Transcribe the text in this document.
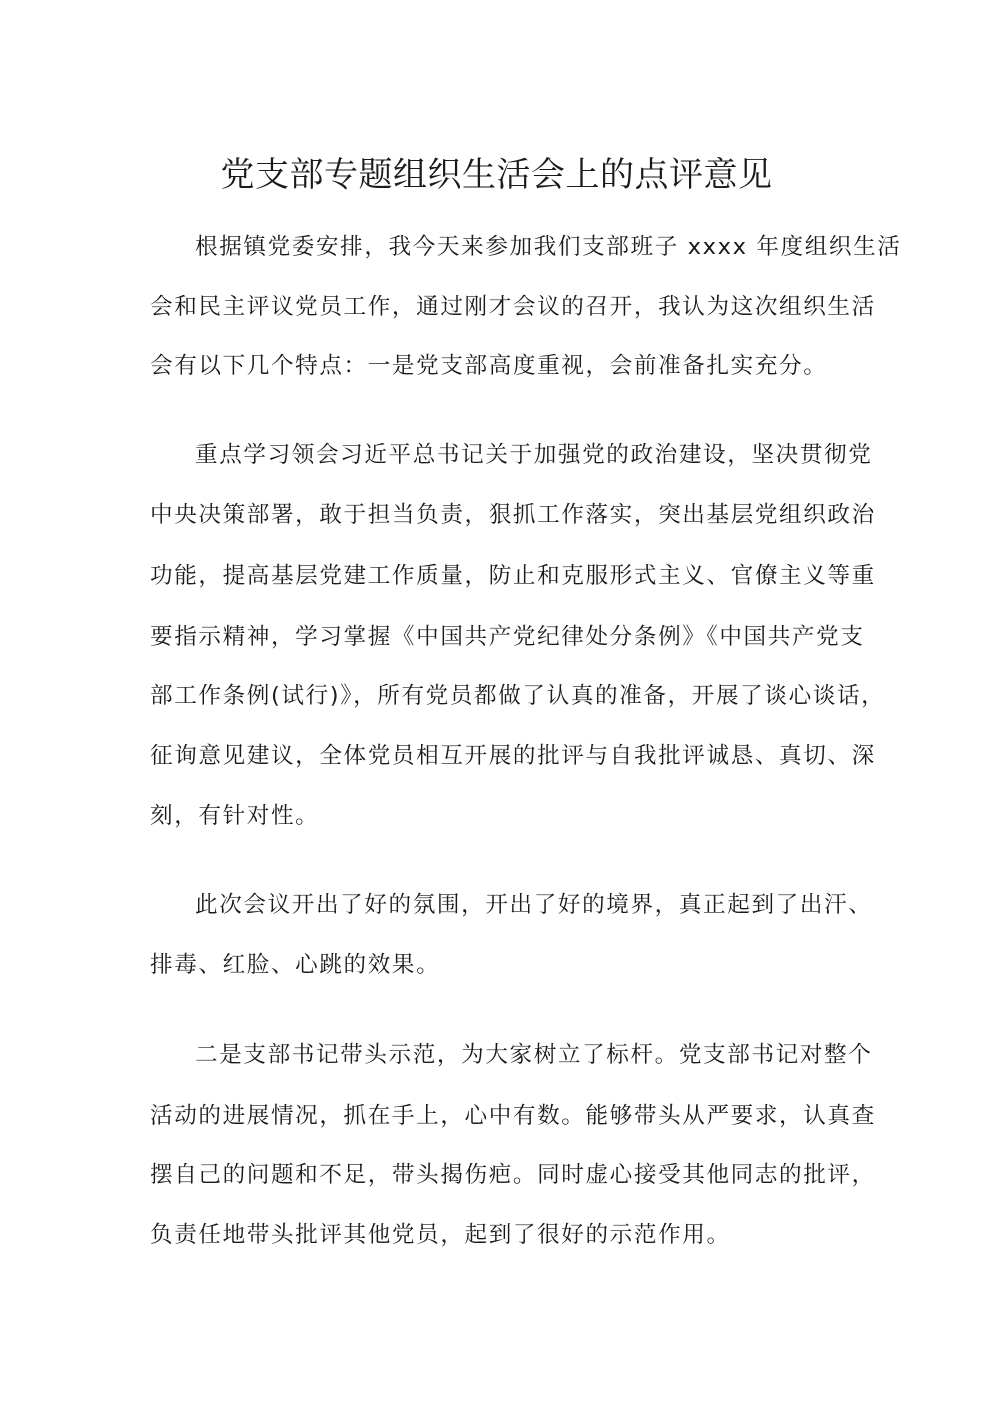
党支部专题组织生活会上的点评意见
根据镇党委安排，我今天来参加我们支部班子 xxxx 年度组织生活
会和民主评议党员工作，通过刚才会议的召开，我认为这次组织生活
会有以下几个特点：一是党支部高度重视，会前准备扎实充分。
重点学习领会习近平总书记关于加强党的政治建设，坚决贯彻党
中央决策部署，敢于担当负责，狠抓工作落实，突出基层党组织政治
功能，提高基层党建工作质量，防止和克服形式主义、官僚主义等重
要指示精神，学习掌握《中国共产党纪律处分条例》《中国共产党支
部工作条例(试行)》，所有党员都做了认真的准备，开展了谈心谈话，
征询意见建议，全体党员相互开展的批评与自我批评诚恳、真切、深
刻，有针对性。
此次会议开出了好的氛围，开出了好的境界，真正起到了出汗、
排毒、红脸、心跳的效果。
二是支部书记带头示范，为大家树立了标杆。党支部书记对整个
活动的进展情况，抓在手上，心中有数。能够带头从严要求，认真查
摆自己的问题和不足，带头揭伤疤。同时虚心接受其他同志的批评，
负责任地带头批评其他党员，起到了很好的示范作用。
